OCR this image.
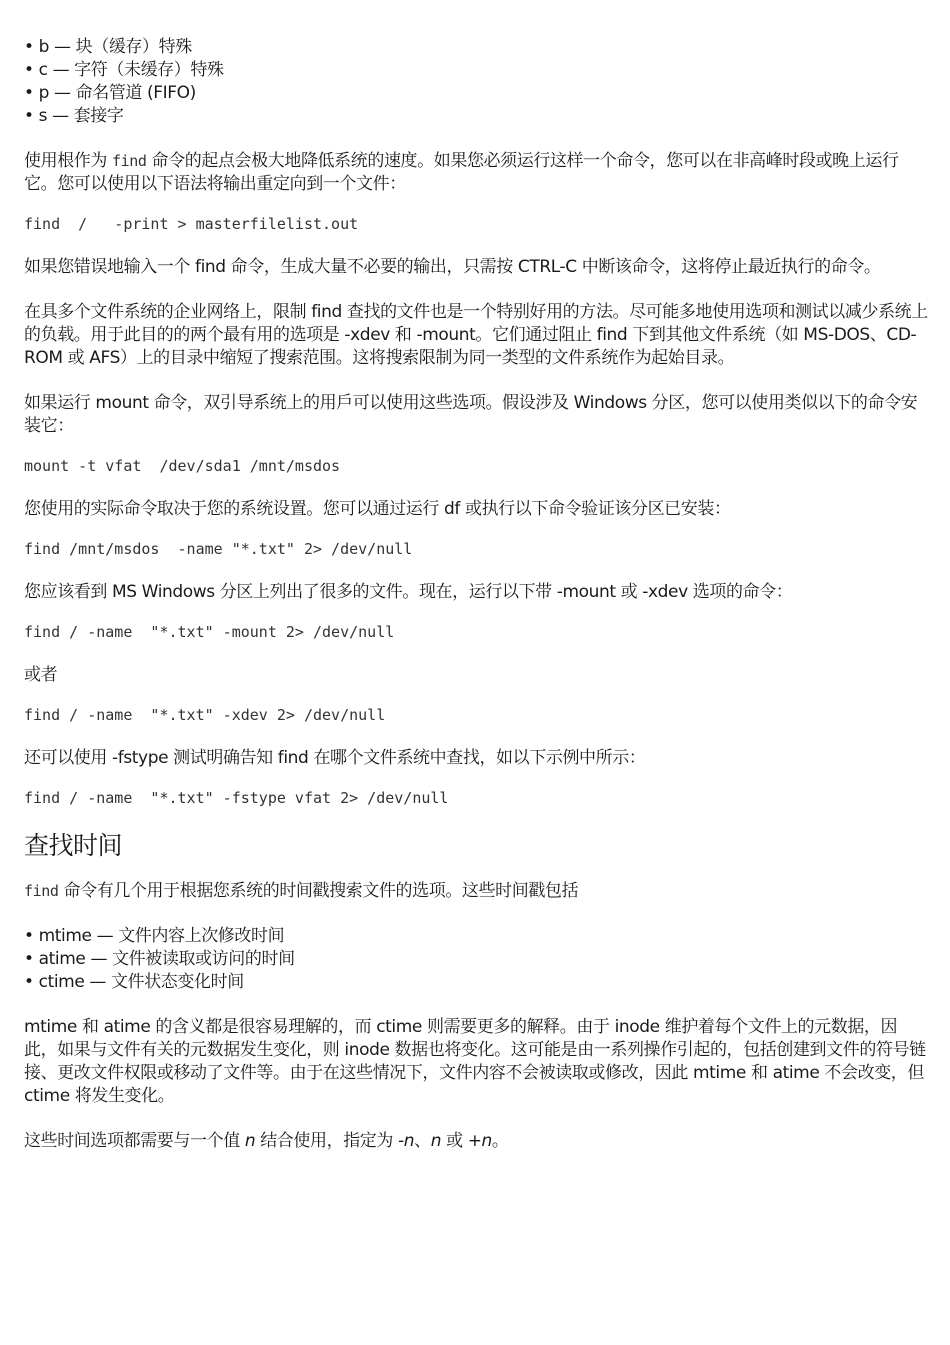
• b — 块（缓存）特殊

• c — 字符（未缓存）特殊

• p — 命名管道 (FIFO)

• s — 套接字

使用根作为 find 命令的起点会极大地降低系统的速度。如果您必须运行这样一个命令，您可以在非高峰时段或晚上运行它。您可以使用以下语法将输出重定向到一个文件：

find  /   -print > masterfilelist.out

如果您错误地输入一个 find 命令，生成大量不必要的输出，只需按 CTRL-C 中断该命令，这将停止最近执行的命令。

在具多个文件系统的企业网络上，限制 find 查找的文件也是一个特别好用的方法。尽可能多地使用选项和测试以减少系统上的负载。用于此目的的两个最有用的选项是 -xdev 和 -mount。它们通过阻止 find 下到其他文件系统（如 MS-DOS、CD-ROM 或 AFS）上的目录中缩短了搜索范围。这将搜索限制为同一类型的文件系统作为起始目录。

如果运行 mount 命令，双引导系统上的用戶可以使用这些选项。假设涉及 Windows 分区，您可以使用类似以下的命令安装它：

mount -t vfat  /dev/sda1 /mnt/msdos

您使用的实际命令取决于您的系统设置。您可以通过运行 df 或执行以下命令验证该分区已安装：

find /mnt/msdos  -name "*.txt" 2> /dev/null

您应该看到 MS Windows 分区上列出了很多的文件。现在，运行以下带 -mount 或 -xdev 选项的命令：

find / -name  "*.txt" -mount 2> /dev/null

或者

find / -name  "*.txt" -xdev 2> /dev/null

还可以使用 -fstype 测试明确告知 find 在哪个文件系统中查找，如以下示例中所示：

find / -name  "*.txt" -fstype vfat 2> /dev/null

查找时间

find 命令有几个用于根据您系统的时间戳搜索文件的选项。这些时间戳包括

• mtime — 文件内容上次修改时间

• atime — 文件被读取或访问的时间

• ctime — 文件状态变化时间

mtime 和 atime 的含义都是很容易理解的，而 ctime 则需要更多的解释。由于 inode 维护着每个文件上的元数据，因此，如果与文件有关的元数据发生变化，则 inode 数据也将变化。这可能是由一系列操作引起的，包括创建到文件的符号链接、更改文件权限或移动了文件等。由于在这些情况下，文件内容不会被读取或修改，因此 mtime 和 atime 不会改变，但 ctime 将发生变化。

这些时间选项都需要与一个值 n 结合使用，指定为 -n、n 或 +n。
